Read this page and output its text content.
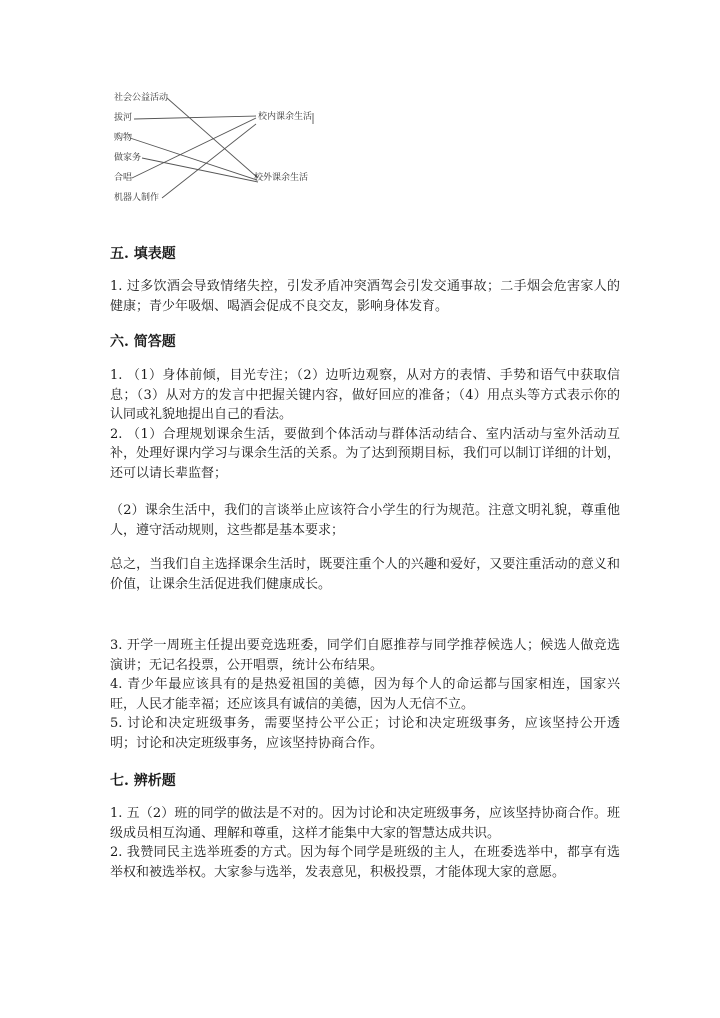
社会公益活动
拔河
购物
做家务
合唱
机器人制作
校内课余生活
校外课余生活
五. 填表题

1. 过多饮酒会导致情绪失控，引发矛盾冲突酒驾会引发交通事故；二手烟会危害家人的健康；青少年吸烟、喝酒会促成不良交友，影响身体发育。

六. 简答题

1. （1）身体前倾，目光专注；（2）边听边观察，从对方的表情、手势和语气中获取信息；（3）从对方的发言中把握关键内容，做好回应的准备；（4）用点头等方式表示你的认同或礼貌地提出自己的看法。

2. （1）合理规划课余生活，要做到个体活动与群体活动结合、室内活动与室外活动互补，处理好课内学习与课余生活的关系。为了达到预期目标，我们可以制订详细的计划，还可以请长辈监督；

（2）课余生活中，我们的言谈举止应该符合小学生的行为规范。注意文明礼貌，尊重他人，遵守活动规则，这些都是基本要求；

总之，当我们自主选择课余生活时，既要注重个人的兴趣和爱好，又要注重活动的意义和价值，让课余生活促进我们健康成长。

3. 开学一周班主任提出要竞选班委，同学们自愿推荐与同学推荐候选人；候选人做竞选演讲；无记名投票，公开唱票，统计公布结果。

4. 青少年最应该具有的是热爱祖国的美德，因为每个人的命运都与国家相连，国家兴旺，人民才能幸福；还应该具有诚信的美德，因为人无信不立。

5. 讨论和决定班级事务，需要坚持公平公正；讨论和决定班级事务，应该坚持公开透明；讨论和决定班级事务，应该坚持协商合作。

七. 辨析题

1. 五（2）班的同学的做法是不对的。因为讨论和决定班级事务，应该坚持协商合作。班级成员相互沟通、理解和尊重，这样才能集中大家的智慧达成共识。

2. 我赞同民主选举班委的方式。因为每个同学是班级的主人，在班委选举中，都享有选举权和被选举权。大家参与选举，发表意见，积极投票，才能体现大家的意愿。
